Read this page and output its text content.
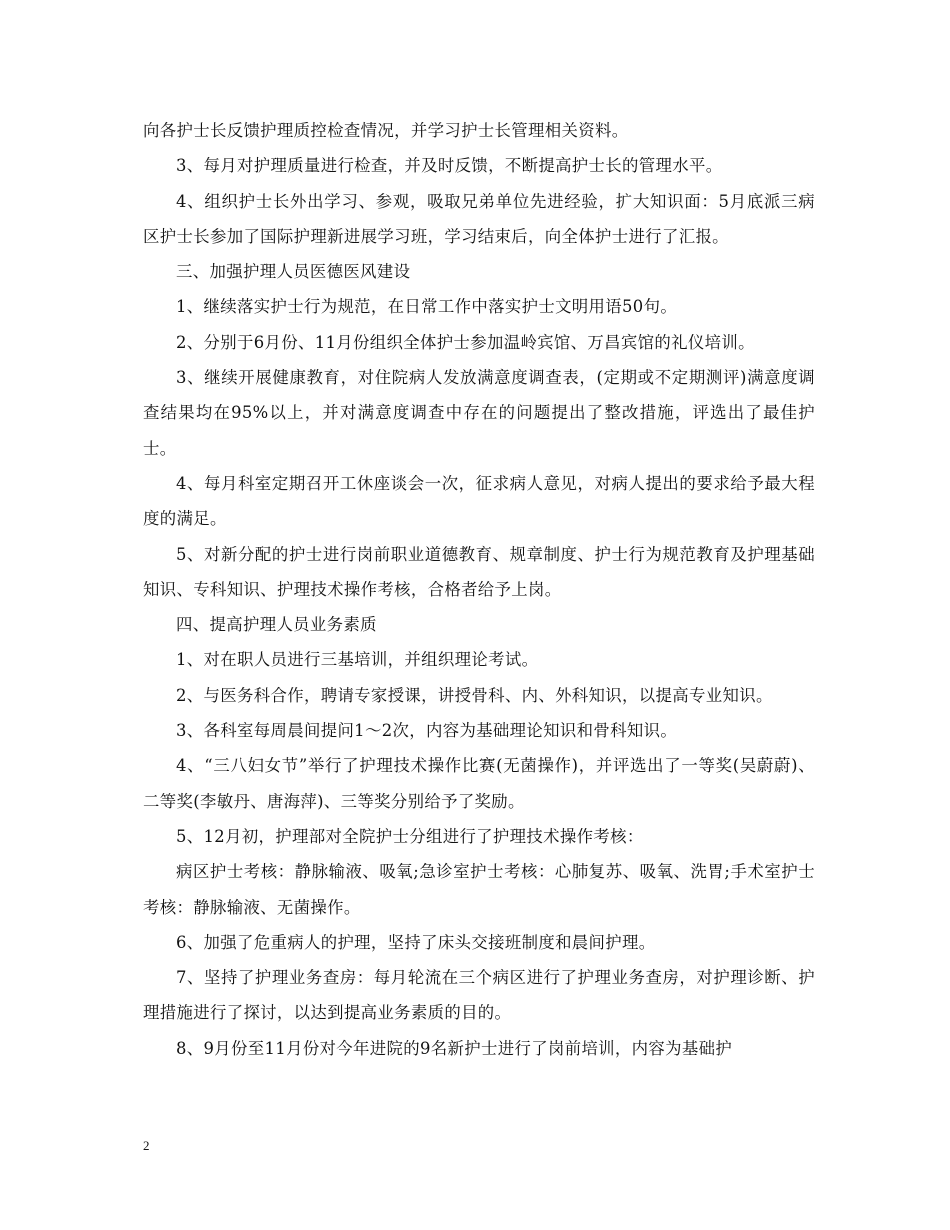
向各护士长反馈护理质控检查情况，并学习护士长管理相关资料。

3、每月对护理质量进行检查，并及时反馈，不断提高护士长的管理水平。

4、组织护士长外出学习、参观，吸取兄弟单位先进经验，扩大知识面：5月底派三病区护士长参加了国际护理新进展学习班，学习结束后，向全体护士进行了汇报。

三、加强护理人员医德医风建设

1、继续落实护士行为规范，在日常工作中落实护士文明用语50句。

2、分别于6月份、11月份组织全体护士参加温岭宾馆、万昌宾馆的礼仪培训。

3、继续开展健康教育，对住院病人发放满意度调查表，(定期或不定期测评)满意度调查结果均在95%以上，并对满意度调查中存在的问题提出了整改措施，评选出了最佳护士。

4、每月科室定期召开工休座谈会一次，征求病人意见，对病人提出的要求给予最大程度的满足。

5、对新分配的护士进行岗前职业道德教育、规章制度、护士行为规范教育及护理基础知识、专科知识、护理技术操作考核，合格者给予上岗。

四、提高护理人员业务素质

1、对在职人员进行三基培训，并组织理论考试。

2、与医务科合作，聘请专家授课，讲授骨科、内、外科知识，以提高专业知识。

3、各科室每周晨间提问1～2次，内容为基础理论知识和骨科知识。

4、“三八妇女节”举行了护理技术操作比赛(无菌操作)，并评选出了一等奖(吴蔚蔚)、二等奖(李敏丹、唐海萍)、三等奖分别给予了奖励。

5、12月初，护理部对全院护士分组进行了护理技术操作考核：

病区护士考核：静脉输液、吸氧;急诊室护士考核：心肺复苏、吸氧、洗胃;手术室护士考核：静脉输液、无菌操作。

6、加强了危重病人的护理，坚持了床头交接班制度和晨间护理。

7、坚持了护理业务查房：每月轮流在三个病区进行了护理业务查房，对护理诊断、护理措施进行了探讨，以达到提高业务素质的目的。

8、9月份至11月份对今年进院的9名新护士进行了岗前培训，内容为基础护

2
